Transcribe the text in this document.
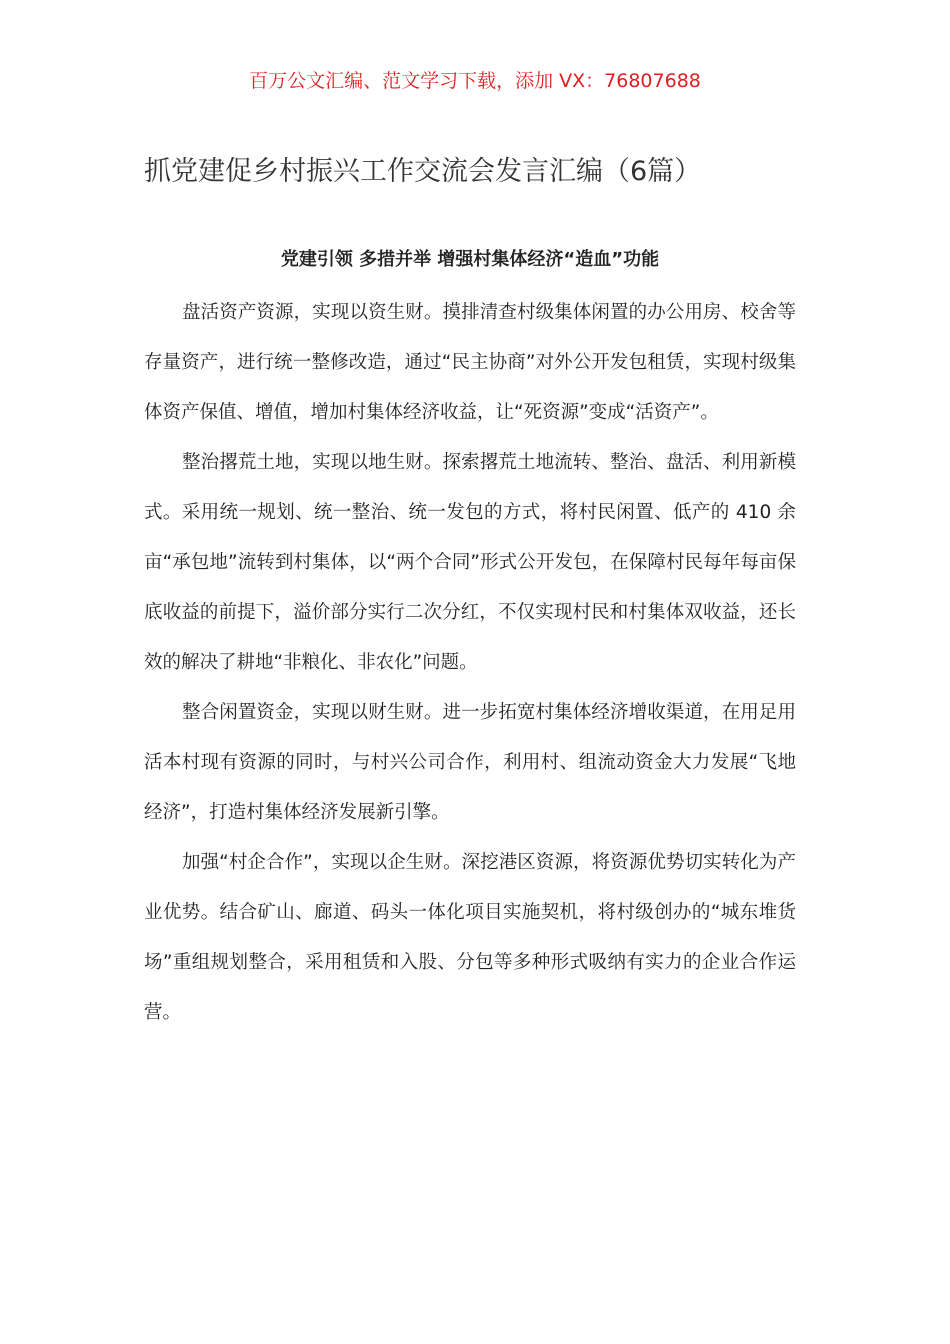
百万公文汇编、范文学习下载，添加 VX：76807688
抓党建促乡村振兴工作交流会发言汇编（6篇）
党建引领 多措并举 增强村集体经济“造血”功能

盘活资产资源，实现以资生财。摸排清查村级集体闲置的办公用房、校舍等存量资产，进行统一整修改造，通过“民主协商”对外公开发包租赁，实现村级集体资产保值、增值，增加村集体经济收益，让“死资源”变成“活资产”。

整治撂荒土地，实现以地生财。探索撂荒土地流转、整治、盘活、利用新模式。采用统一规划、统一整治、统一发包的方式，将村民闲置、低产的 410 余亩“承包地”流转到村集体，以“两个合同”形式公开发包，在保障村民每年每亩保底收益的前提下，溢价部分实行二次分红，不仅实现村民和村集体双收益，还长效的解决了耕地“非粮化、非农化”问题。

整合闲置资金，实现以财生财。进一步拓宽村集体经济增收渠道，在用足用活本村现有资源的同时，与村兴公司合作，利用村、组流动资金大力发展“飞地经济”，打造村集体经济发展新引擎。

加强“村企合作”，实现以企生财。深挖港区资源，将资源优势切实转化为产业优势。结合矿山、廊道、码头一体化项目实施契机，将村级创办的“城东堆货场”重组规划整合，采用租赁和入股、分包等多种形式吸纳有实力的企业合作运营。
